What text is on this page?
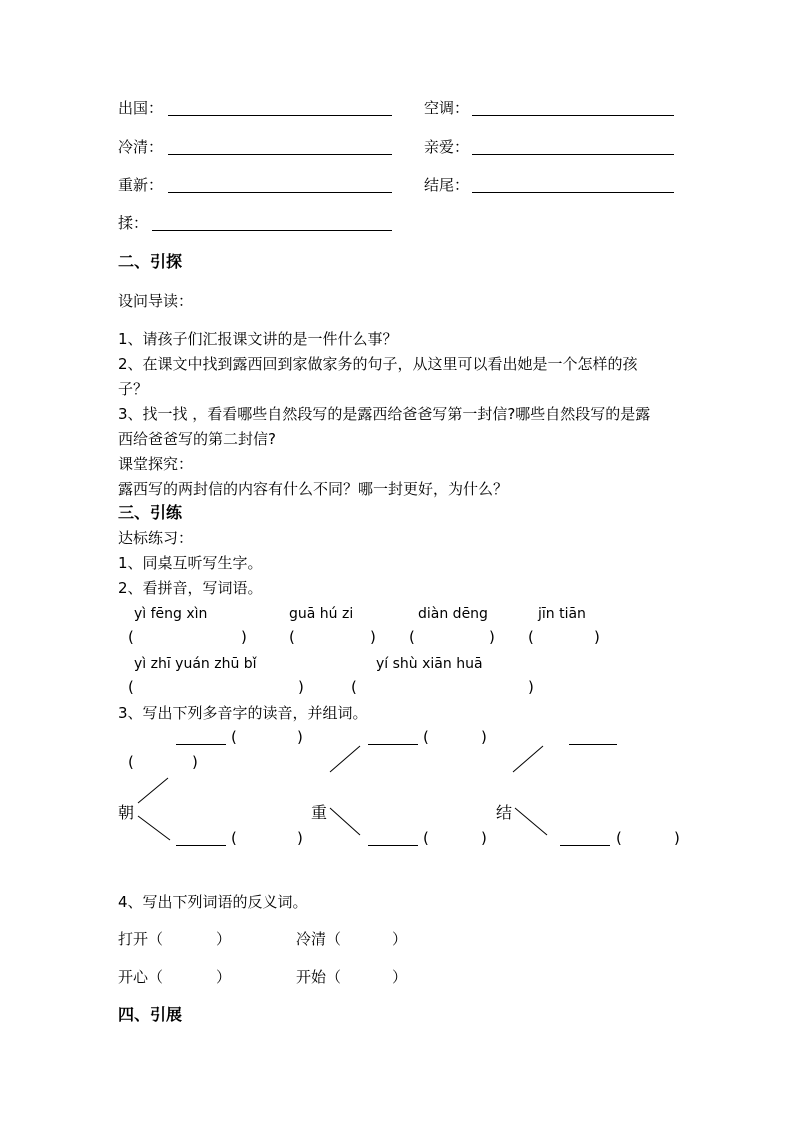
出国：	空调：
冷清：	亲爱：
重新：	结尾：
揉：
二、引探
设问导读：
1、请孩子们汇报课文讲的是一件什么事？
2、在课文中找到露西回到家做家务的句子，从这里可以看出她是一个怎样的孩
子？
3、找一找 ，看看哪些自然段写的是露西给爸爸写第一封信?哪些自然段写的是露
西给爸爸写的第二封信?
课堂探究：
露西写的两封信的内容有什么不同？哪一封更好，为什么？
三、引练
达标练习：
1、同桌互听写生字。
2、看拼音，写词语。
yì fēng xìn	guā hú zi	diàn dēng	jīn tiān
(	)	(	) (	) (	)
yì zhī yuán zhū bǐ	yí shù xiān huā
(	)	(	)
3、写出下列多音字的读音，并组词。
(	)
(	)
朝
(	)
(	)
重
(	)
结
(	)
4、写出下列词语的反义词。
打开（	）	冷清（	）
开心（	）	开始（	）
四、引展
